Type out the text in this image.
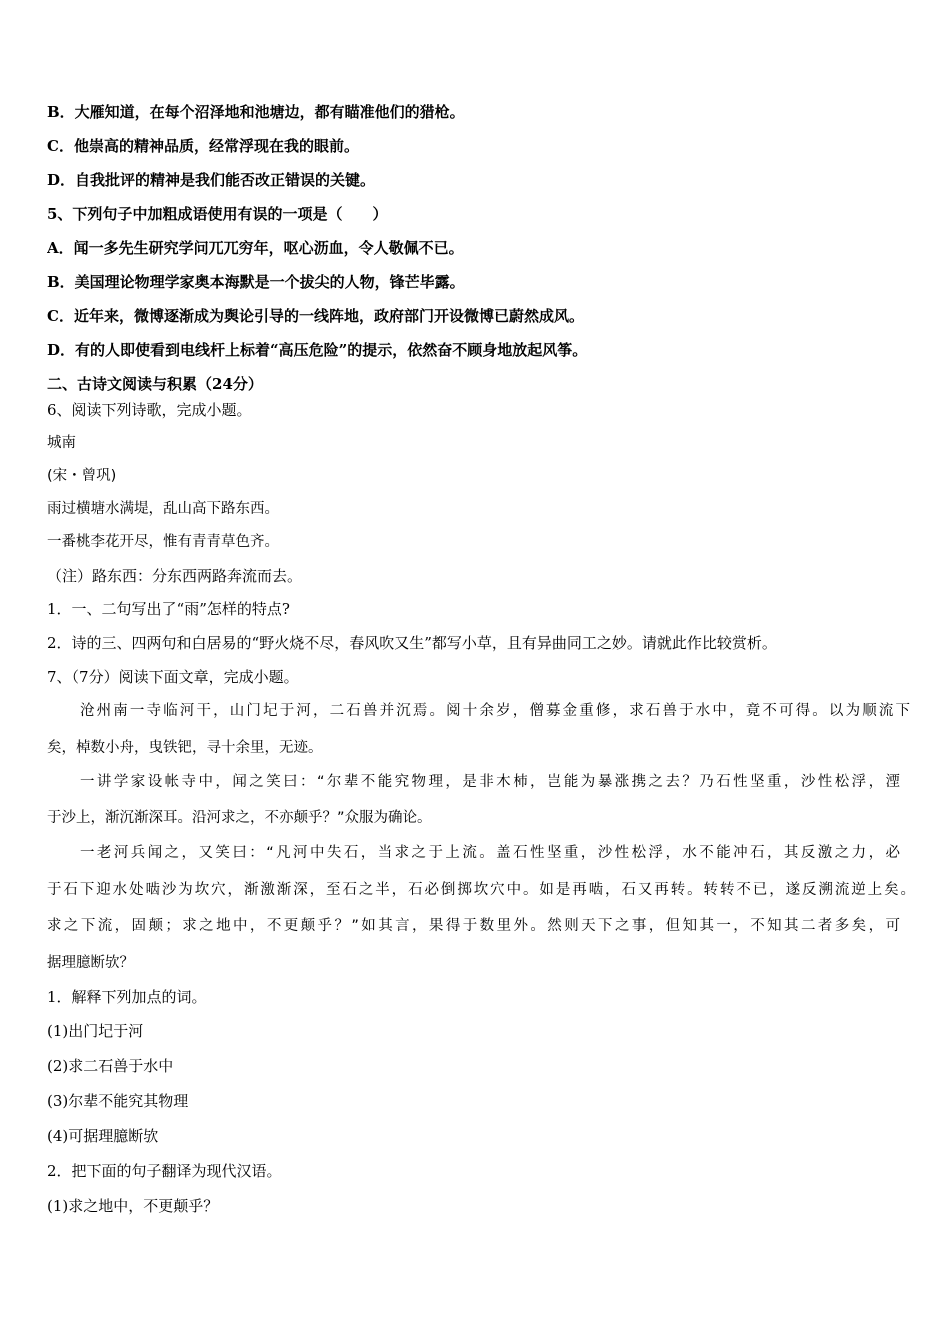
B．大雁知道，在每个沼泽地和池塘边，都有瞄准他们的猎枪。
C．他崇高的精神品质，经常浮现在我的眼前。
D．自我批评的精神是我们能否改正错误的关键。
5、下列句子中加粗成语使用有误的一项是（　　）
A．闻一多先生研究学问兀兀穷年，呕心沥血，令人敬佩不已。
B．美国理论物理学家奥本海默是一个拔尖的人物，锋芒毕露。
C．近年来，微博逐渐成为舆论引导的一线阵地，政府部门开设微博已蔚然成风。
D．有的人即使看到电线杆上标着“高压危险”的提示，依然奋不顾身地放起风筝。
二、古诗文阅读与积累（24分）
6、阅读下列诗歌，完成小题。
城南
(宋・曾巩)
雨过横塘水满堤，乱山高下路东西。
一番桃李花开尽，惟有青青草色齐。
（注）路东西：分东西两路奔流而去。
1．一、二句写出了“雨”怎样的特点?
2．诗的三、四两句和白居易的“野火烧不尽，春风吹又生”都写小草，且有异曲同工之妙。请就此作比较赏析。
7、（7分）阅读下面文章，完成小题。
沧州南一寺临河干，山门圮于河，二石兽并沉焉。阅十余岁，僧募金重修，求石兽于水中，竟不可得。以为顺流下
矣，棹数小舟，曳铁钯，寻十余里，无迹。
一讲学家设帐寺中，闻之笑曰：“尔辈不能究物理，是非木杮，岂能为暴涨携之去？乃石性坚重，沙性松浮，湮
于沙上，渐沉渐深耳。沿河求之，不亦颠乎？”众服为确论。
一老河兵闻之，又笑曰：“凡河中失石，当求之于上流。盖石性坚重，沙性松浮，水不能冲石，其反激之力，必
于石下迎水处啮沙为坎穴，渐激渐深，至石之半，石必倒掷坎穴中。如是再啮，石又再转。转转不已，遂反溯流逆上矣。
求之下流，固颠；求之地中，不更颠乎？”如其言，果得于数里外。然则天下之事，但知其一，不知其二者多矣，可
据理臆断欤？
1．解释下列加点的词。
(1)出门圮于河
(2)求二石兽于水中
(3)尔辈不能究其物理
(4)可据理臆断欤
2．把下面的句子翻译为现代汉语。
(1)求之地中，不更颠乎？
